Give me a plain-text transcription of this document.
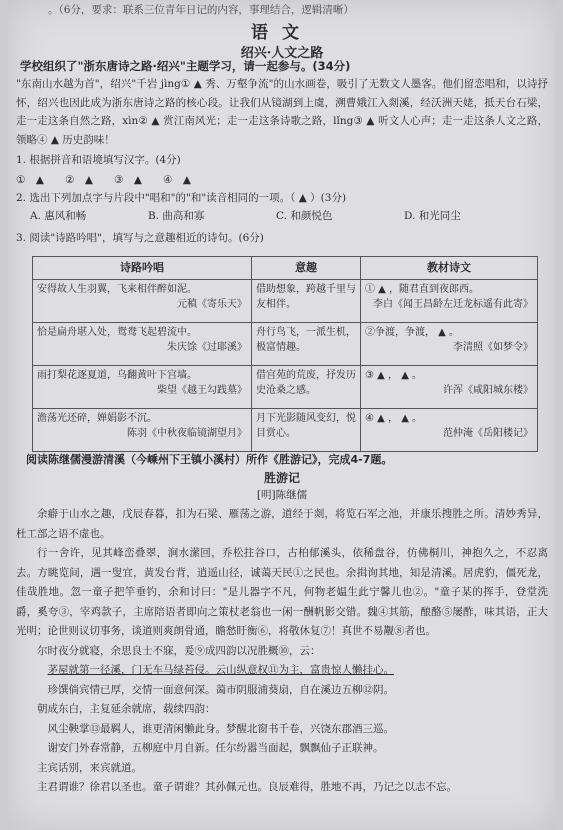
。（6分，要求：联系三位青年日记的内容，事理结合，逻辑清晰）
语文
绍兴·人文之路
学校组织了"浙东唐诗之路·绍兴"主题学习，请一起参与。(34分)
"东南山水越为首"，绍兴"千岩 jìng① ▲ 秀、万壑争流"的山水画卷，吸引了无数文人墨客。他们留恋唱和，以诗抒怀，绍兴也因此成为浙东唐诗之路的核心段。让我们从镜湖到上虞，溯曹娥江入剡溪，经沃洲天姥，抵天台石梁，走一走这条自然之路，xìn② ▲ 赏江南风光；走一走这条诗歌之路，lǐng③ ▲ 听文人心声；走一走这条人文之路，领略④ ▲ 历史韵味！
1. 根据拼音和语境填写汉字。(4分)
①　▲　　②　▲　　③　▲　　④　▲
2. 选出下列加点字与片段中"唱和"的"和"读音相同的一项。（ ▲ ）(3分)
A. 惠风和畅	B. 曲高和寡	C. 和颜悦色	D. 和光同尘
3. 阅读"诗路吟唱"，填写与之意趣相近的诗句。(6分)
诗路吟唱	意趣	教材诗文
安得故人生羽翼，飞来相伴醉如泥。
元稹《寄乐天》	借助想象，跨越千里与友相伴。	① ▲ ，随君直到夜郎西。
李白《闻王昌龄左迁龙标遥有此寄》

恰是扁舟堪入处，鸳鸯飞起碧流中。
朱庆馀《过耶溪》	舟行鸟飞，一派生机，极富情趣。	②争渡，争渡， ▲ 。
李清照《如梦令》

雨打梨花逐夏道，乌翻黄叶下宫墙。
柴望《越王勾践墓》	借宫苑的荒废，抒发历史沧桑之感。	③ ▲ ， ▲ 。
许浑《咸阳城东楼》

澹荡光还碎，婵娟影不沉。
陈羽《中秋夜临镜湖望月》	月下光影随风变幻，悦目赏心。	④ ▲ ， ▲ 。
范仲淹《岳阳楼记》
阅读陈继儒漫游清溪（今嵊州下王镇小溪村）所作《胜游记》，完成4-7题。
胜游记
[明]陈继儒

余癖于山水之趣，戊辰春暮，扣为石梁、雁荡之游，道经于剡，将览石军之池，并康乐搜胜之所。清妙秀异，杜工部之语不虚也。

行一舍许，见其峰峦叠翠，涧水潆回，乔松拄谷口，古柏郁溪头，依稀盘谷，仿佛桐川，神抱久之，不忍离去。方眺览间，遇一叟宜，黄发台背，逍遥山径，诚蔼天民①之民也。余揖询其地，知是清溪。居虎豹，僵死龙，佳哉胜地。忽一童子把竿垂钓，余和讨曰："是儿器字不凡，何物老媪生此宁馨儿也②。"童子某的挥手，登堂洗爵，奚夸③，宰鸡款子，主席陪语者即向之策杖老翁也一闲一酬帆影交错。魏④其筋，酿酪⑤屡酢，味其语，正大光明；论世则议切事务，谈道则爽朗骨通，瞻愁盱衡⑥，将敬休复⑦！真世不易觏⑧者也。

尔时夜分就寝，余思良士不寐，爰⑨成四韵以况胜概⑩，云：

茅屋就第一径溪，门无车马绿苔侵。云山纵意权⑪为主，富贵惊人懒挂心。

珍馔倘宾情已厚，交情一面意何深。蔼市阴服浦葵扇，自在溪边五柳⑫阴。

朝成东白，主复延余就席，载续四韵：

风尘鞅掌⑬最羁人，谁更清闲懒此身。梦醒北窗书千卷，兴饶东郡酒三巡。

谢安门外春常静，五柳庭中月自新。任尔纷嚣当面起，飘飘仙子正联神。

主宾话别，来宾就道。

主君谓谁？徐君以圣也。童子谓谁？其孙佩元也。良辰难得，胜地不再，乃记之以志不忘。
